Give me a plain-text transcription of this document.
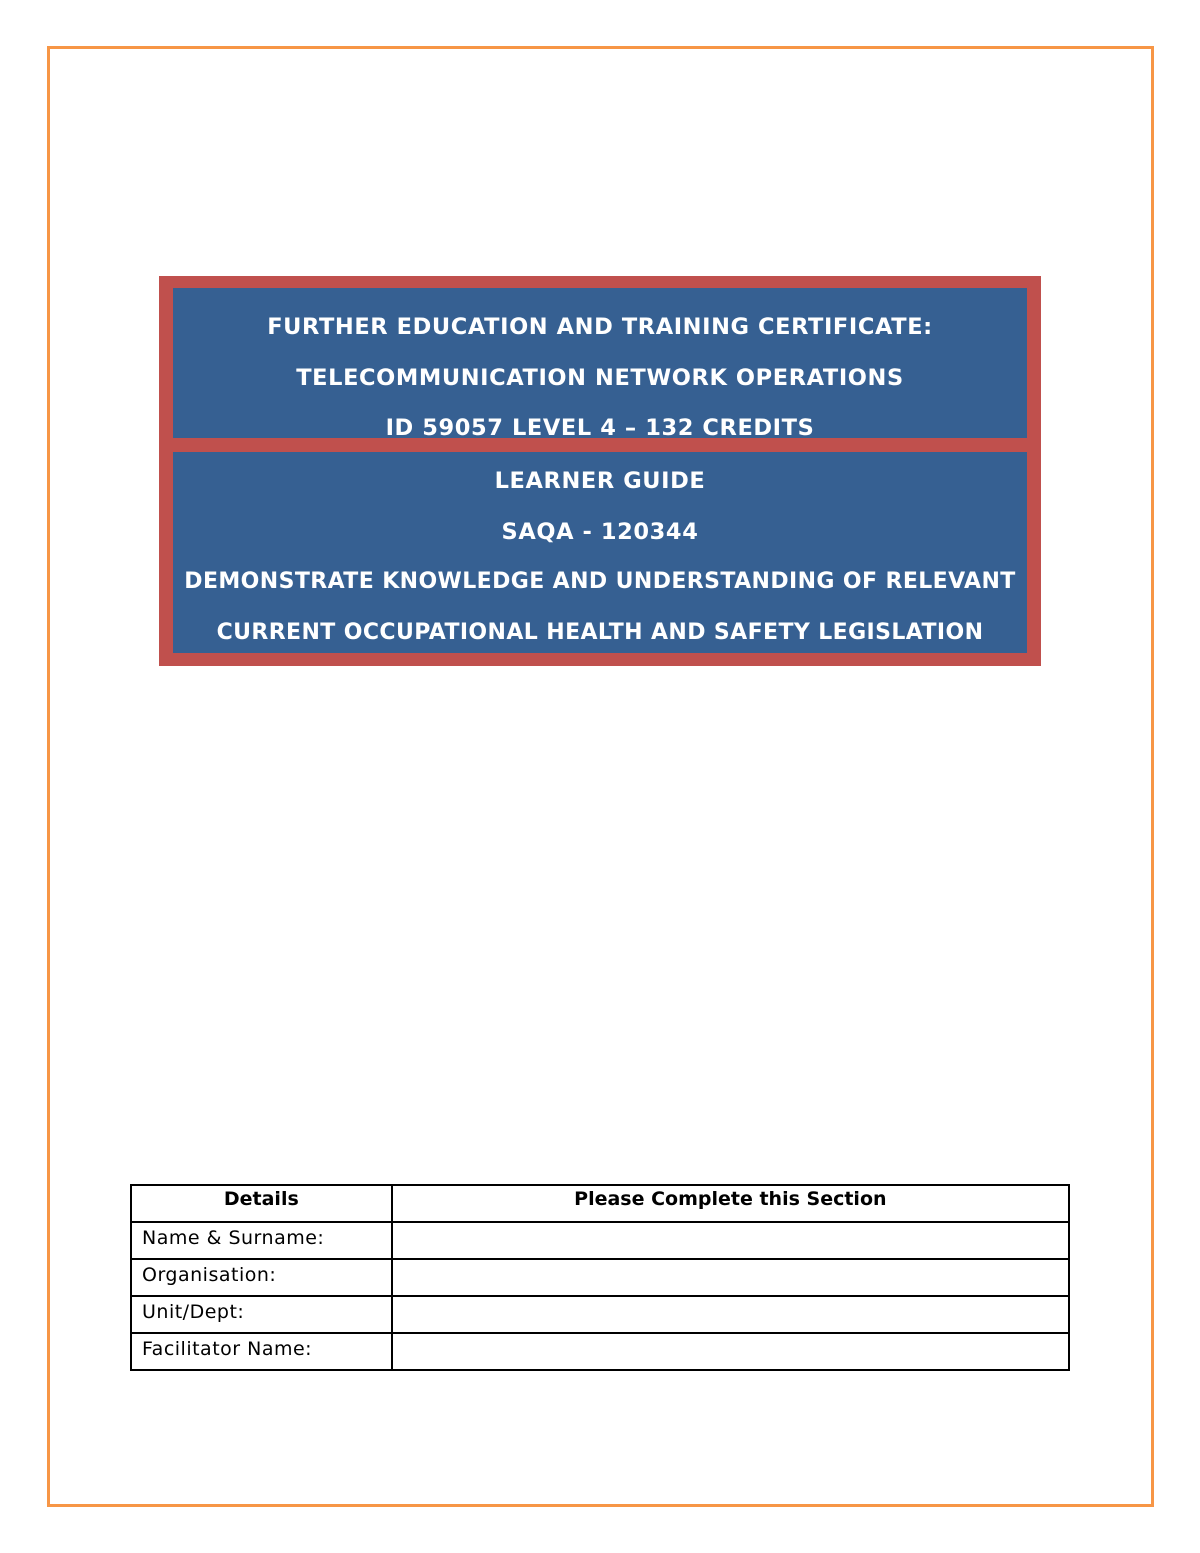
FURTHER EDUCATION AND TRAINING CERTIFICATE:
TELECOMMUNICATION NETWORK OPERATIONS
ID 59057 LEVEL 4 – 132 CREDITS
LEARNER GUIDE
SAQA - 120344
DEMONSTRATE KNOWLEDGE AND UNDERSTANDING OF RELEVANT
CURRENT OCCUPATIONAL HEALTH AND SAFETY LEGISLATION
Details	Please Complete this Section
Name & Surname:	
Organisation:	
Unit/Dept:	
Facilitator Name:	
